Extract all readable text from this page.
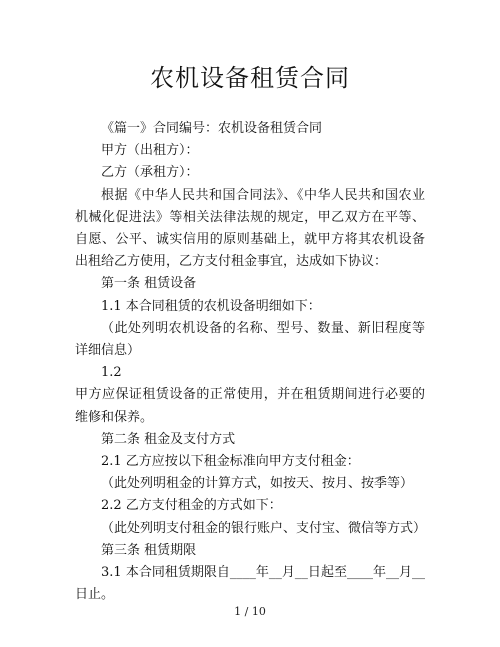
农机设备租赁合同

《篇一》合同编号：农机设备租赁合同

甲方（出租方）：

乙方（承租方）：

根据《中华人民共和国合同法》、《中华人民共和国农业机械化促进法》等相关法律法规的规定，甲乙双方在平等、自愿、公平、诚实信用的原则基础上，就甲方将其农机设备出租给乙方使用，乙方支付租金事宜，达成如下协议：

第一条 租赁设备

1.1 本合同租赁的农机设备明细如下：

（此处列明农机设备的名称、型号、数量、新旧程度等详细信息）

1.2

甲方应保证租赁设备的正常使用，并在租赁期间进行必要的维修和保养。

第二条 租金及支付方式

2.1 乙方应按以下租金标准向甲方支付租金：

（此处列明租金的计算方式，如按天、按月、按季等）

2.2 乙方支付租金的方式如下：

（此处列明支付租金的银行账户、支付宝、微信等方式）

第三条 租赁期限

3.1 本合同租赁期限自____年__月__日起至____年__月__日止。

1 / 10
